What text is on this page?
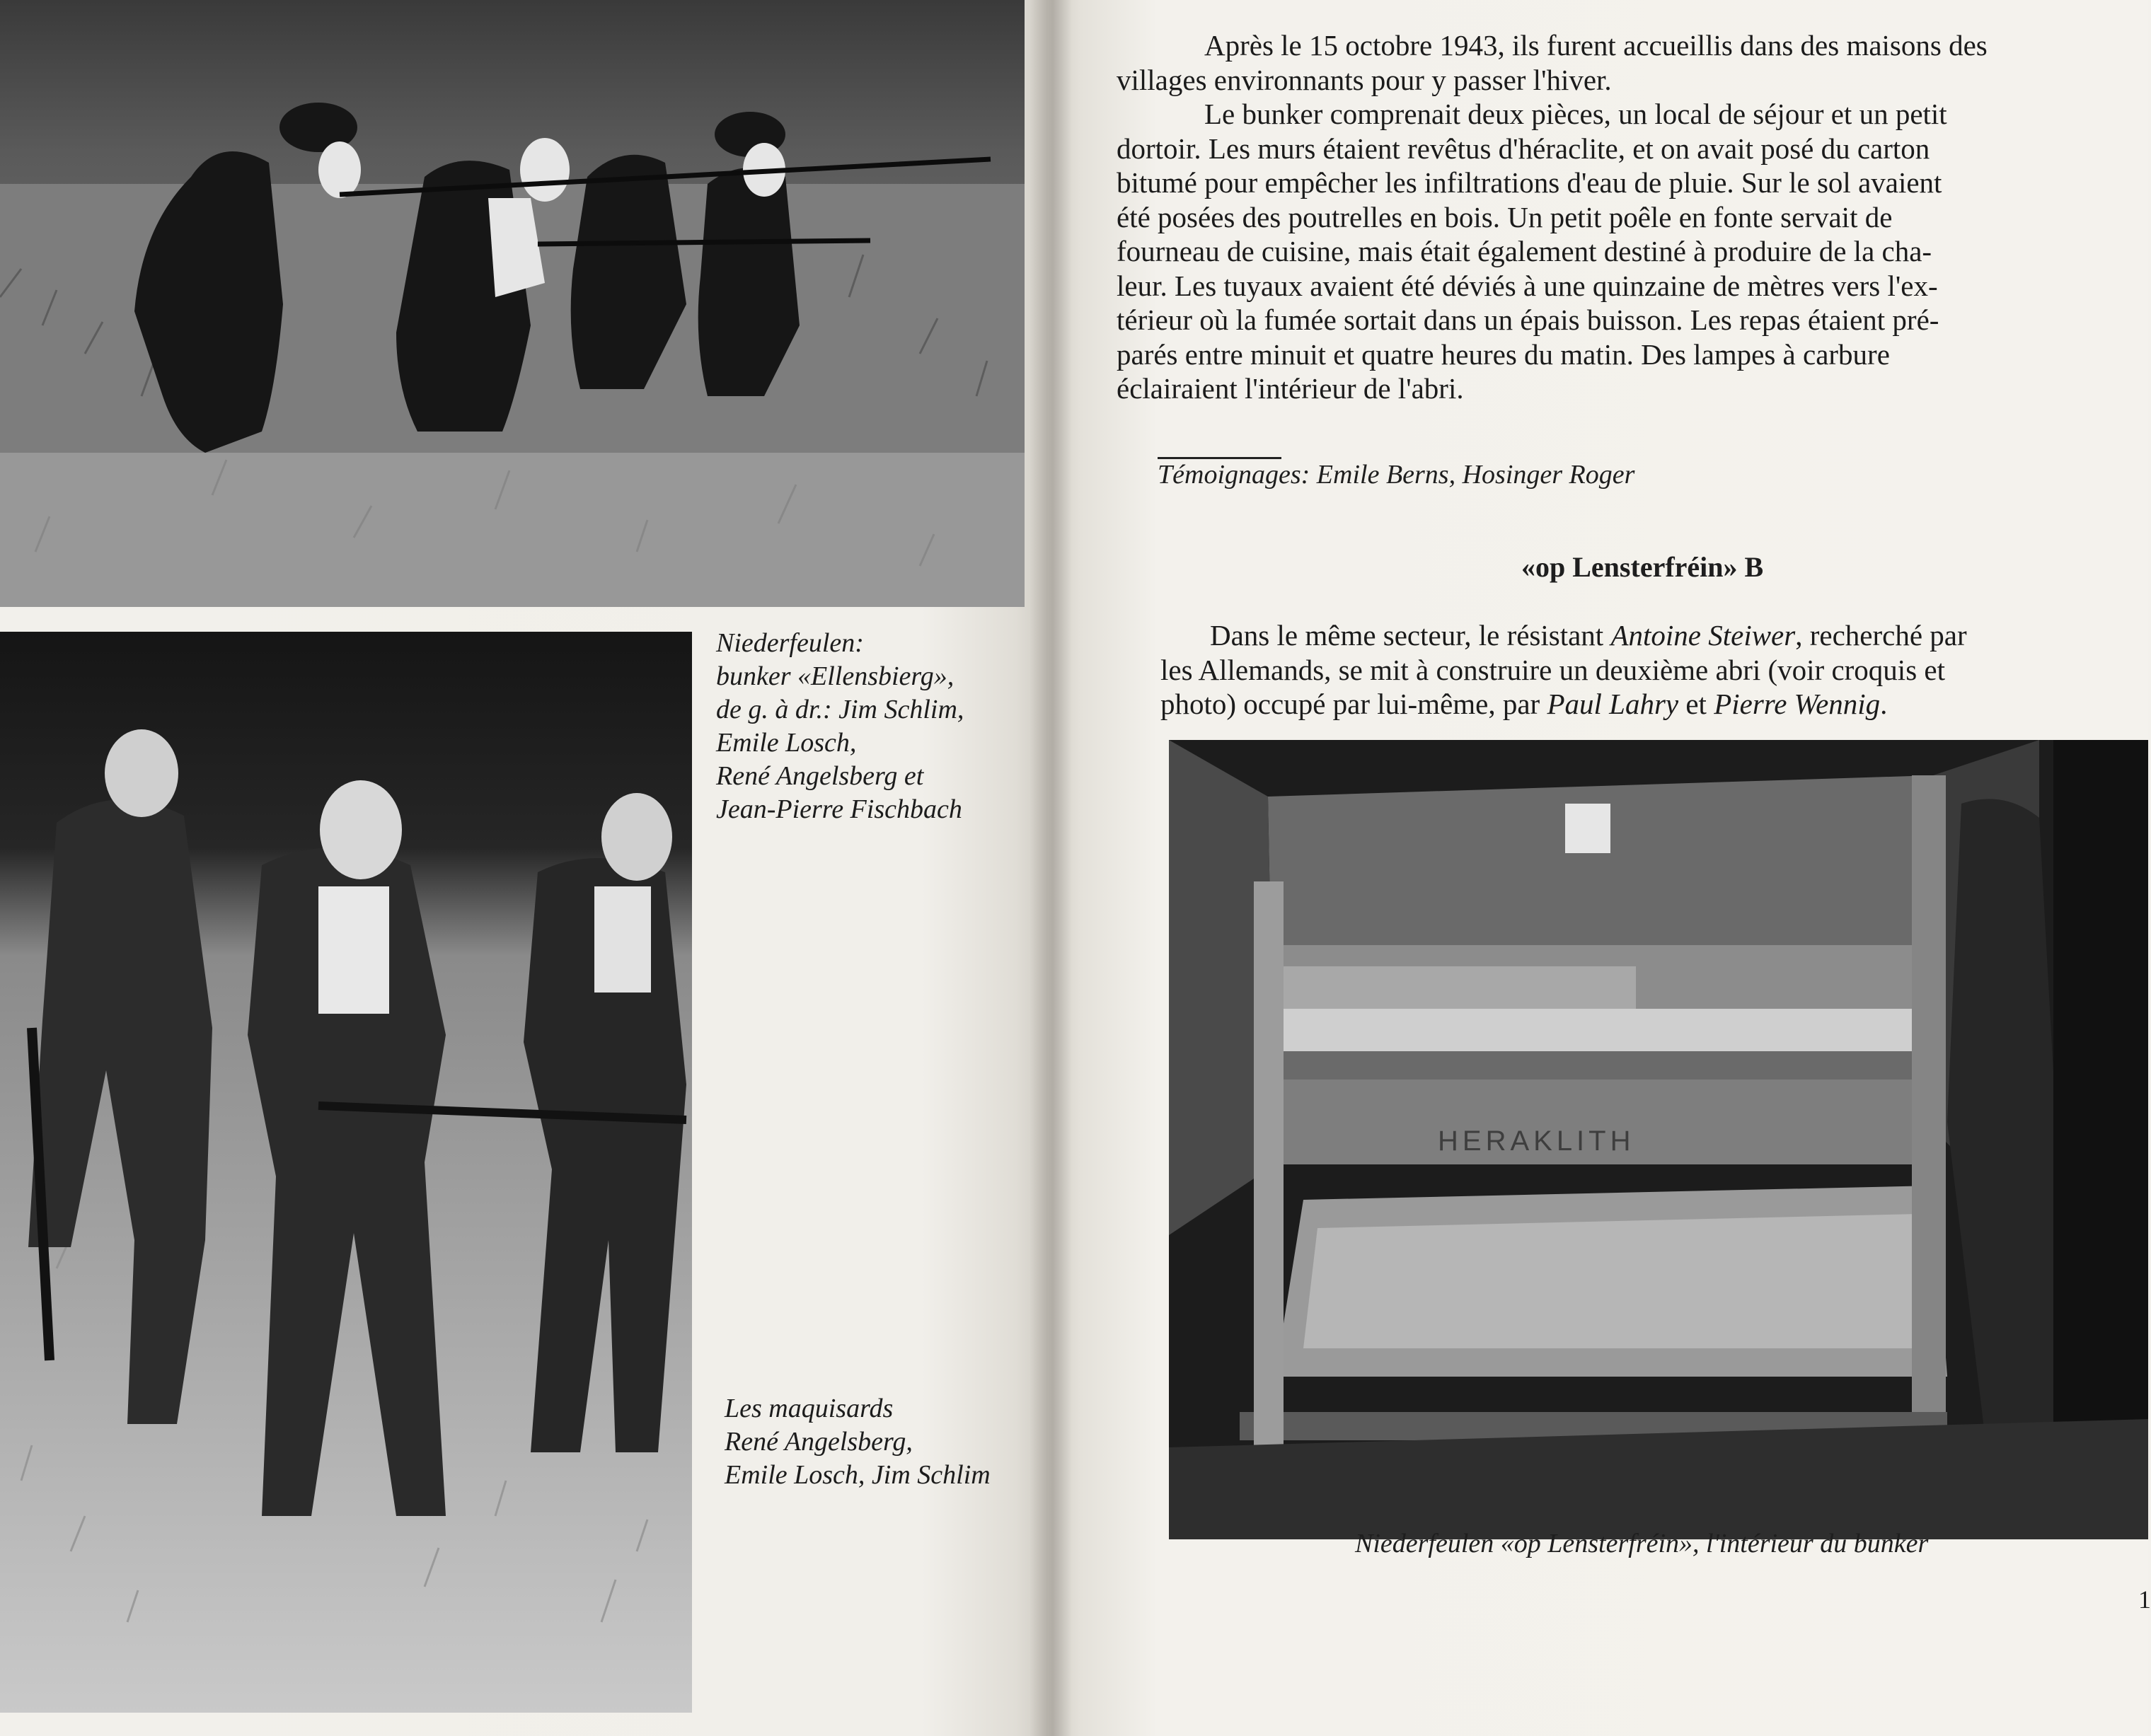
Niederfeulen:
bunker «Ellensbierg»,
de g. à dr.: Jim Schlim,
Emile Losch,
René Angelsberg et
Jean-Pierre Fischbach
Les maquisards
René Angelsberg,
Emile Losch, Jim Schlim

Après le 15 octobre 1943, ils furent accueillis dans des maisons des
villages environnants pour y passer l'hiver.

Le bunker comprenait deux pièces, un local de séjour et un petit
dortoir. Les murs étaient revêtus d'héraclite, et on avait posé du carton
bitumé pour empêcher les infiltrations d'eau de pluie. Sur le sol avaient
été posées des poutrelles en bois. Un petit poêle en fonte servait de
fourneau de cuisine, mais était également destiné à produire de la cha-
leur. Les tuyaux avaient été déviés à une quinzaine de mètres vers l'ex-
térieur où la fumée sortait dans un épais buisson. Les repas étaient pré-
parés entre minuit et quatre heures du matin. Des lampes à carbure
éclairaient l'intérieur de l'abri.

Témoignages: Emile Berns, Hosinger Roger
«op Lensterfréin» B
Dans le même secteur, le résistant Antoine Steiwer, recherché par
les Allemands, se mit à construire un deuxième abri (voir croquis et
photo) occupé par lui-même, par Paul Lahry et Pierre Wennig.
HERAKLITH
Niederfeulen «op Lensterfréin», l'intérieur du bunker
1
